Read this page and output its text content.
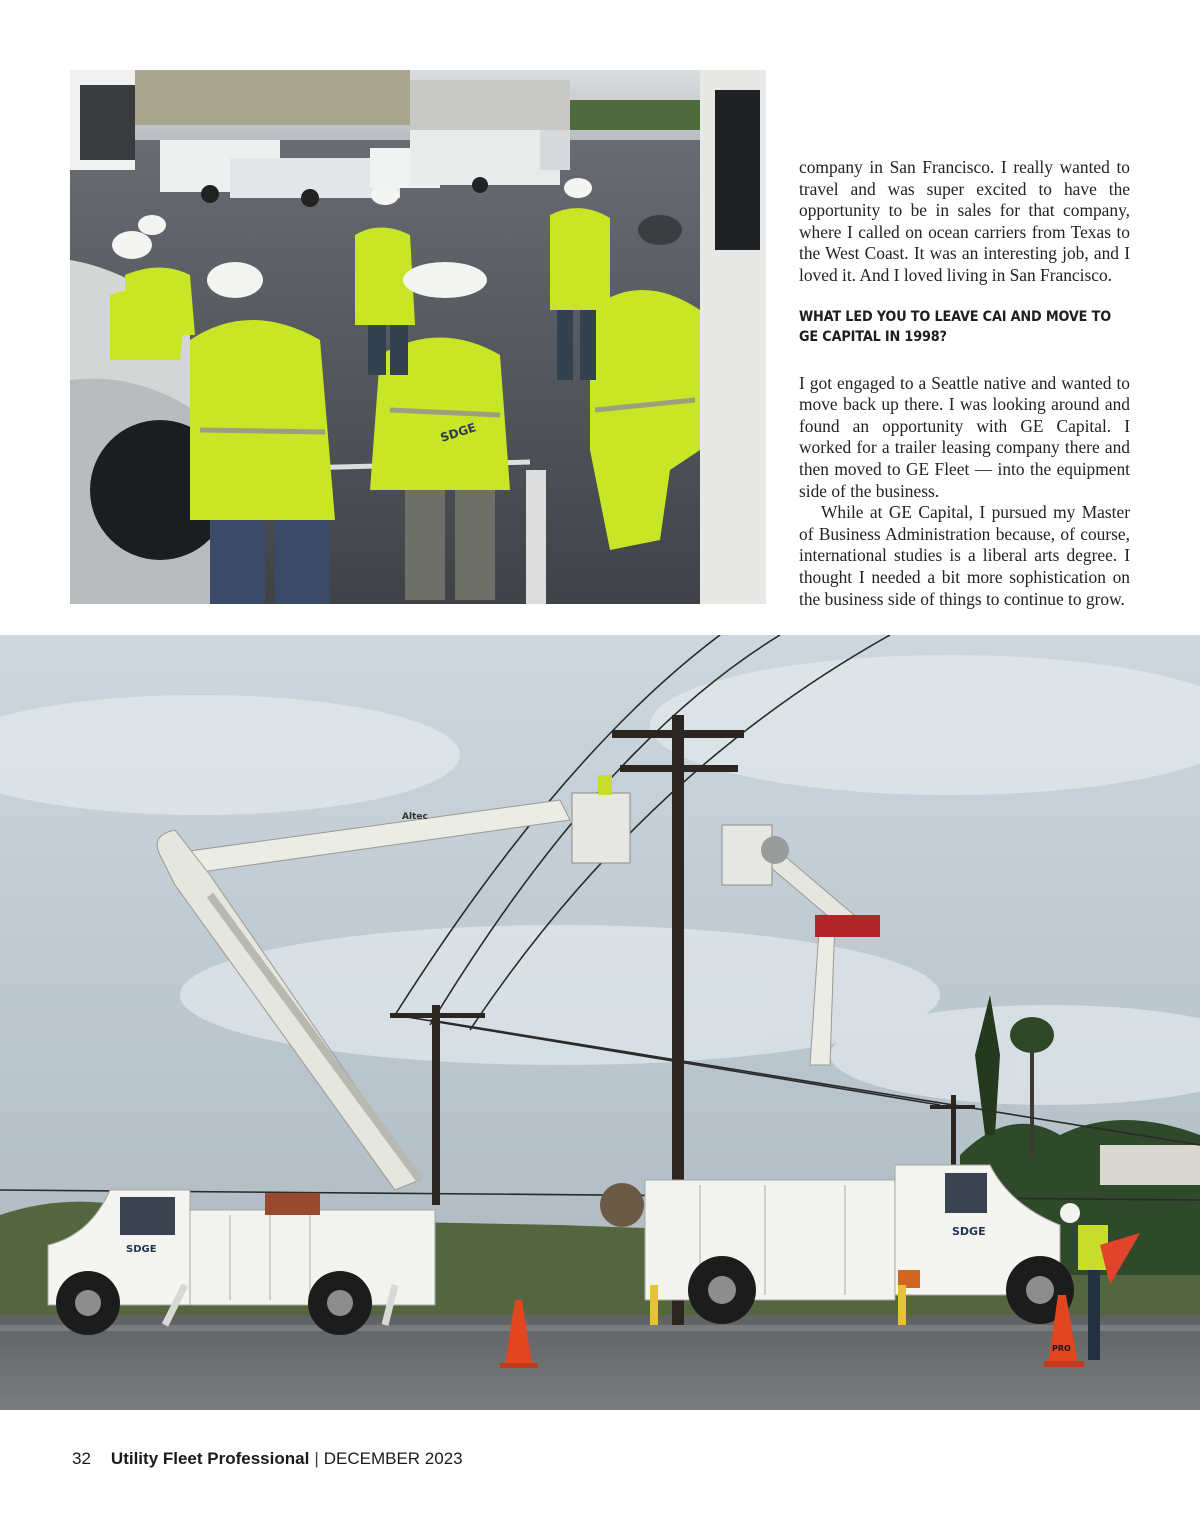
SDGE

company in San Francisco. I really wanted to travel and was super excited to have the opportunity to be in sales for that company, where I called on ocean carriers from Texas to the West Coast. It was an interesting job, and I loved it. And I loved living in San Francisco.

WHAT LED YOU TO LEAVE CAI AND MOVE TO GE CAPITAL IN 1998?

I got engaged to a Seattle native and wanted to move back up there. I was looking around and found an opportunity with GE Capital. I worked for a trailer leasing company there and then moved to GE Fleet — into the equipment side of the business.

While at GE Capital, I pursued my Master of Business Administration because, of course, international studies is a liberal arts degree. I thought I needed a bit more sophistication on the business side of things to continue to grow.

Altec
SDGE
SDGE
PRO
32 Utility Fleet Professional | DECEMBER 2023
